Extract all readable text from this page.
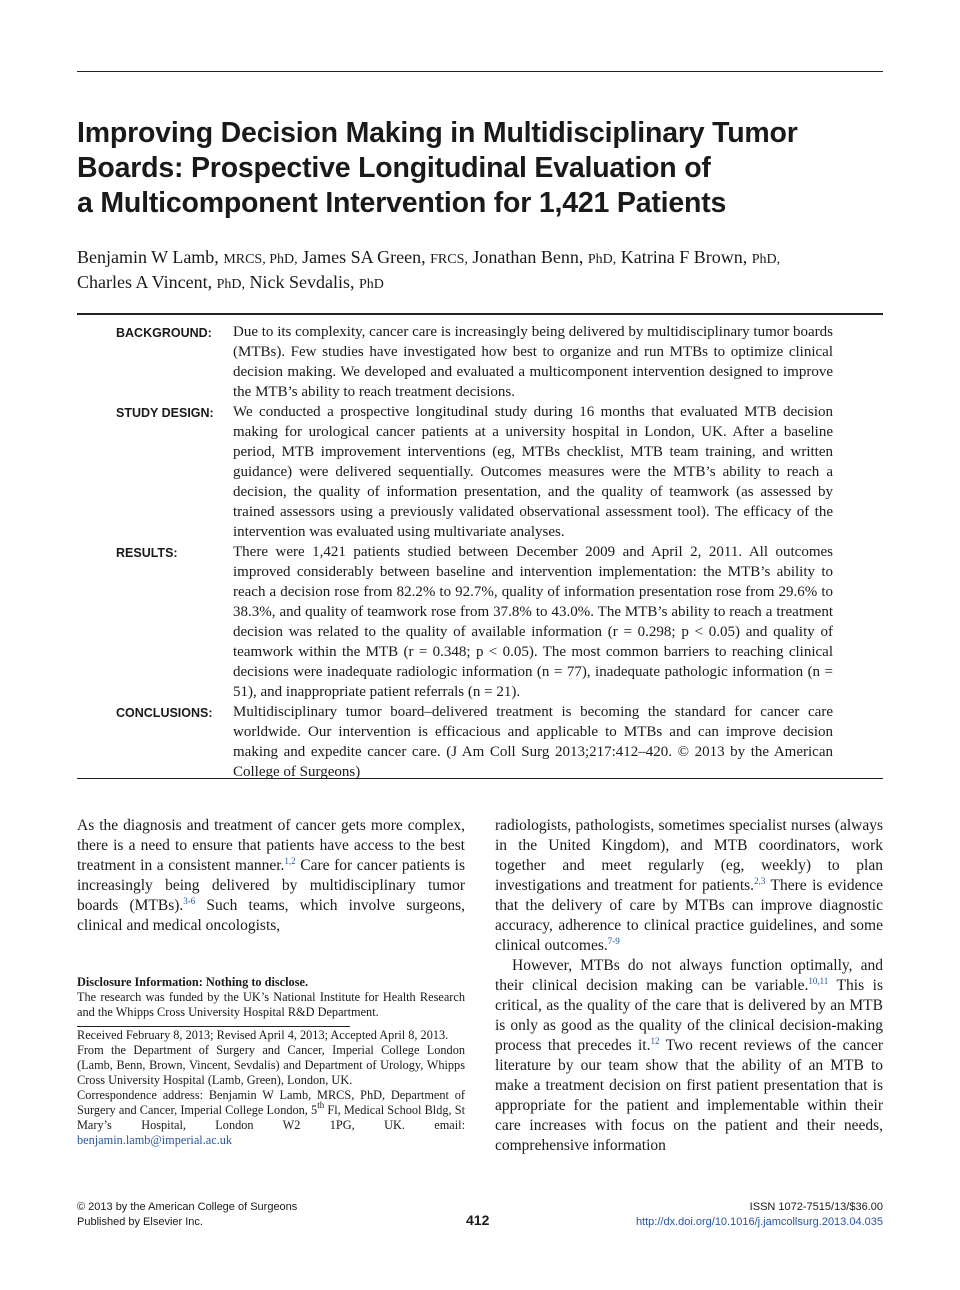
Improving Decision Making in Multidisciplinary Tumor
Boards: Prospective Longitudinal Evaluation of
a Multicomponent Intervention for 1,421 Patients
Benjamin W Lamb, MRCS, PhD, James SA Green, FRCS, Jonathan Benn, PhD, Katrina F Brown, PhD,
Charles A Vincent, PhD, Nick Sevdalis, PhD
BACKGROUND: Due to its complexity, cancer care is increasingly being delivered by multidisciplinary tumor boards (MTBs). Few studies have investigated how best to organize and run MTBs to optimize clinical decision making. We developed and evaluated a multicomponent intervention designed to improve the MTB’s ability to reach treatment decisions.

STUDY DESIGN: We conducted a prospective longitudinal study during 16 months that evaluated MTB decision making for urological cancer patients at a university hospital in London, UK. After a baseline period, MTB improvement interventions (eg, MTBs checklist, MTB team training, and written guidance) were delivered sequentially. Outcomes measures were the MTB’s ability to reach a decision, the quality of information presentation, and the quality of teamwork (as assessed by trained assessors using a previously validated observational assessment tool). The efficacy of the intervention was evaluated using multivariate analyses.

RESULTS:	There were 1,421 patients studied between December 2009 and April 2, 2011. All outcomes improved considerably between baseline and intervention implementation: the MTB’s ability to reach a decision rose from 82.2% to 92.7%, quality of information presentation rose from 29.6% to 38.3%, and quality of teamwork rose from 37.8% to 43.0%. The MTB’s ability to reach a treatment decision was related to the quality of available information (r = 0.298; p < 0.05) and quality of teamwork within the MTB (r = 0.348; p < 0.05). The most common barriers to reaching clinical decisions were inadequate radiologic information (n = 77), inadequate pathologic information (n = 51), and inappropriate patient referrals (n = 21).

CONCLUSIONS: Multidisciplinary tumor board–delivered treatment is becoming the standard for cancer care worldwide. Our intervention is efficacious and applicable to MTBs and can improve decision making and expedite cancer care. (J Am Coll Surg 2013;217:412–420. © 2013 by the American College of Surgeons)

As the diagnosis and treatment of cancer gets more complex, there is a need to ensure that patients have access to the best treatment in a consistent manner.$^{1,2}$ Care for cancer patients is increasingly being delivered by multidisciplinary tumor boards (MTBs).$^{3-6}$ Such teams, which involve surgeons, clinical and medical oncologists,

radiologists, pathologists, sometimes specialist nurses (always in the United Kingdom), and MTB coordinators, work together and meet regularly (eg, weekly) to plan investigations and treatment for patients.$^{2,3}$ There is evidence that the delivery of care by MTBs can improve diagnostic accuracy, adherence to clinical practice guidelines, and some clinical outcomes.$^{7-9}$

However, MTBs do not always function optimally, and their clinical decision making can be variable.$^{10,11}$ This is critical, as the quality of the care that is delivered by an MTB is only as good as the quality of the clinical decision-making process that precedes it.$^{12}$ Two recent reviews of the cancer literature by our team show that the ability of an MTB to make a treatment decision on first patient presentation that is appropriate for the patient and implementable within their care increases with focus on the patient and their needs, comprehensive information

Disclosure Information: Nothing to disclose.

The research was funded by the UK’s National Institute for Health Research and the Whipps Cross University Hospital R&D Department.

Received February 8, 2013; Revised April 4, 2013; Accepted April 8, 2013.

From the Department of Surgery and Cancer, Imperial College London (Lamb, Benn, Brown, Vincent, Sevdalis) and Department of Urology, Whipps Cross University Hospital (Lamb, Green), London, UK.

Correspondence address: Benjamin W Lamb, MRCS, PhD, Department of Surgery and Cancer, Imperial College London, 5th Fl, Medical School Bldg, St Mary’s Hospital, London W2 1PG, UK. email: benjamin.lamb@imperial.ac.uk

© 2013 by the American College of Surgeons
Published by Elsevier Inc.	412
ISSN 1072-7515/13/$36.00
http://dx.doi.org/10.1016/j.jamcollsurg.2013.04.035
